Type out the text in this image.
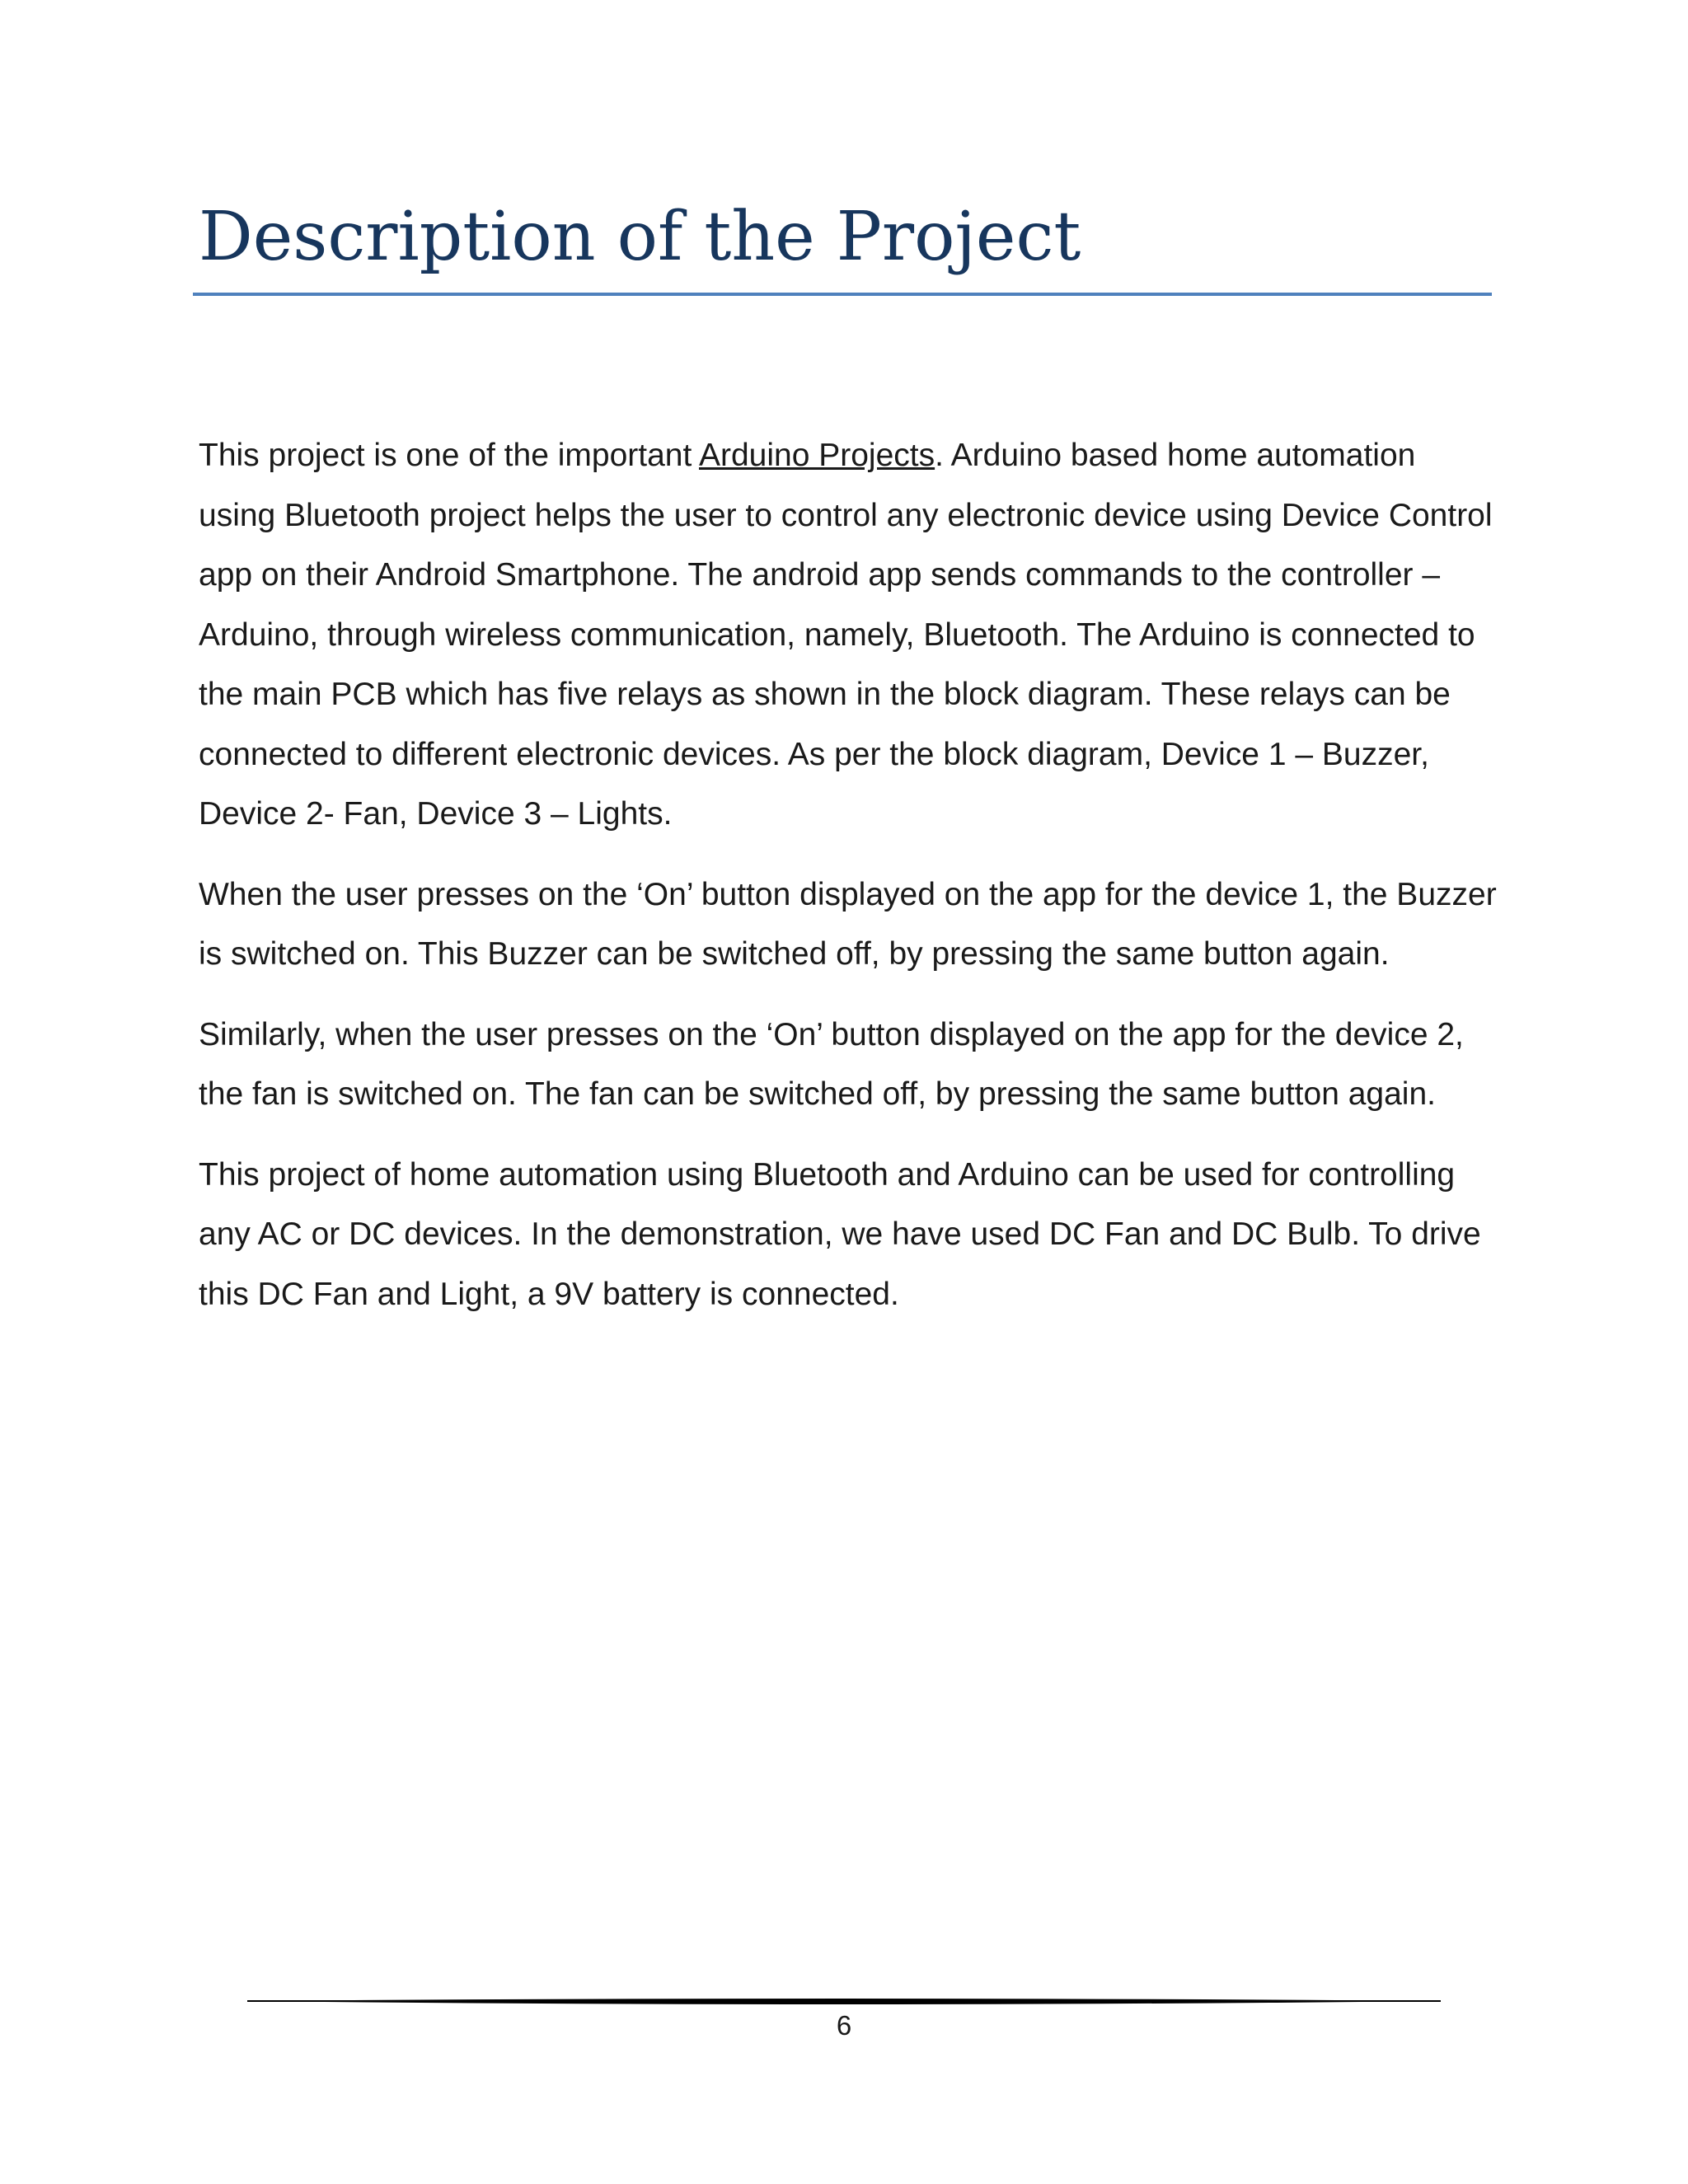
Description of the Project

This project is one of the important Arduino Projects. Arduino based home automation using Bluetooth project helps the user to control any electronic device using Device Control app on their Android Smartphone. The android app sends commands to the controller – Arduino, through wireless communication, namely, Bluetooth. The Arduino is connected to the main PCB which has five relays as shown in the block diagram. These relays can be connected to different electronic devices. As per the block diagram, Device 1 – Buzzer, Device 2- Fan, Device 3 – Lights.

When the user presses on the ‘On’ button displayed on the app for the device 1, the Buzzer is switched on. This Buzzer can be switched off, by pressing the same button again.

Similarly, when the user presses on the ‘On’ button displayed on the app for the device 2, the fan is switched on. The fan can be switched off, by pressing the same button again.

This project of home automation using Bluetooth and Arduino can be used for controlling any AC or DC devices. In the demonstration, we have used DC Fan and DC Bulb. To drive this DC Fan and Light, a 9V battery is connected.

6
